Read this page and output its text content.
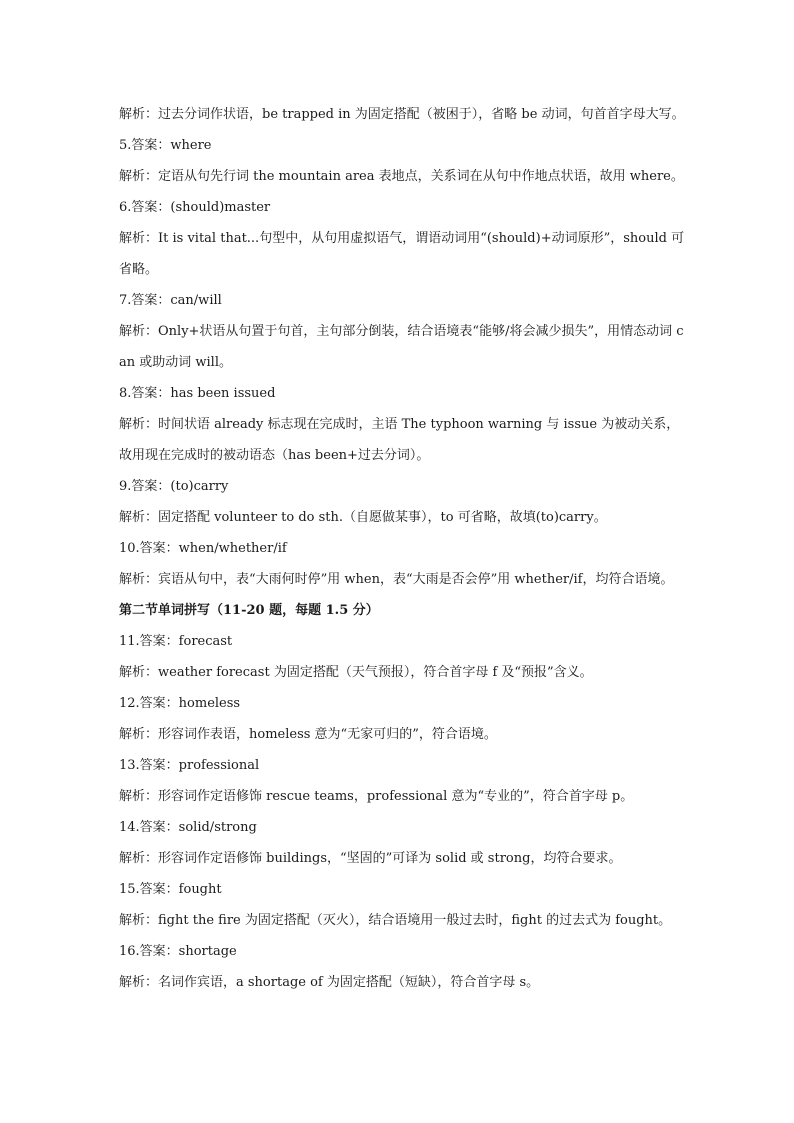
解析：过去分词作状语，be trapped in 为固定搭配（被困于），省略 be 动词，句首首字母大写。

5.答案：where

解析：定语从句先行词 the mountain area 表地点，关系词在从句中作地点状语，故用 where。

6.答案：(should)master

解析：It is vital that...句型中，从句用虚拟语气，谓语动词用“(should)+动词原形”，should 可省略。

7.答案：can/will

解析：Only+状语从句置于句首，主句部分倒装，结合语境表“能够/将会减少损失”，用情态动词 can 或助动词 will。

8.答案：has been issued

解析：时间状语 already 标志现在完成时，主语 The typhoon warning 与 issue 为被动关系，故用现在完成时的被动语态（has been+过去分词）。

9.答案：(to)carry

解析：固定搭配 volunteer to do sth.（自愿做某事），to 可省略，故填(to)carry。

10.答案：when/whether/if

解析：宾语从句中，表“大雨何时停”用 when，表“大雨是否会停”用 whether/if，均符合语境。

第二节单词拼写（11-20 题，每题 1.5 分）

11.答案：forecast

解析：weather forecast 为固定搭配（天气预报），符合首字母 f 及“预报”含义。

12.答案：homeless

解析：形容词作表语，homeless 意为“无家可归的”，符合语境。

13.答案：professional

解析：形容词作定语修饰 rescue teams，professional 意为“专业的”，符合首字母 p。

14.答案：solid/strong

解析：形容词作定语修饰 buildings，“坚固的”可译为 solid 或 strong，均符合要求。

15.答案：fought

解析：fight the fire 为固定搭配（灭火），结合语境用一般过去时，fight 的过去式为 fought。

16.答案：shortage

解析：名词作宾语，a shortage of 为固定搭配（短缺），符合首字母 s。
